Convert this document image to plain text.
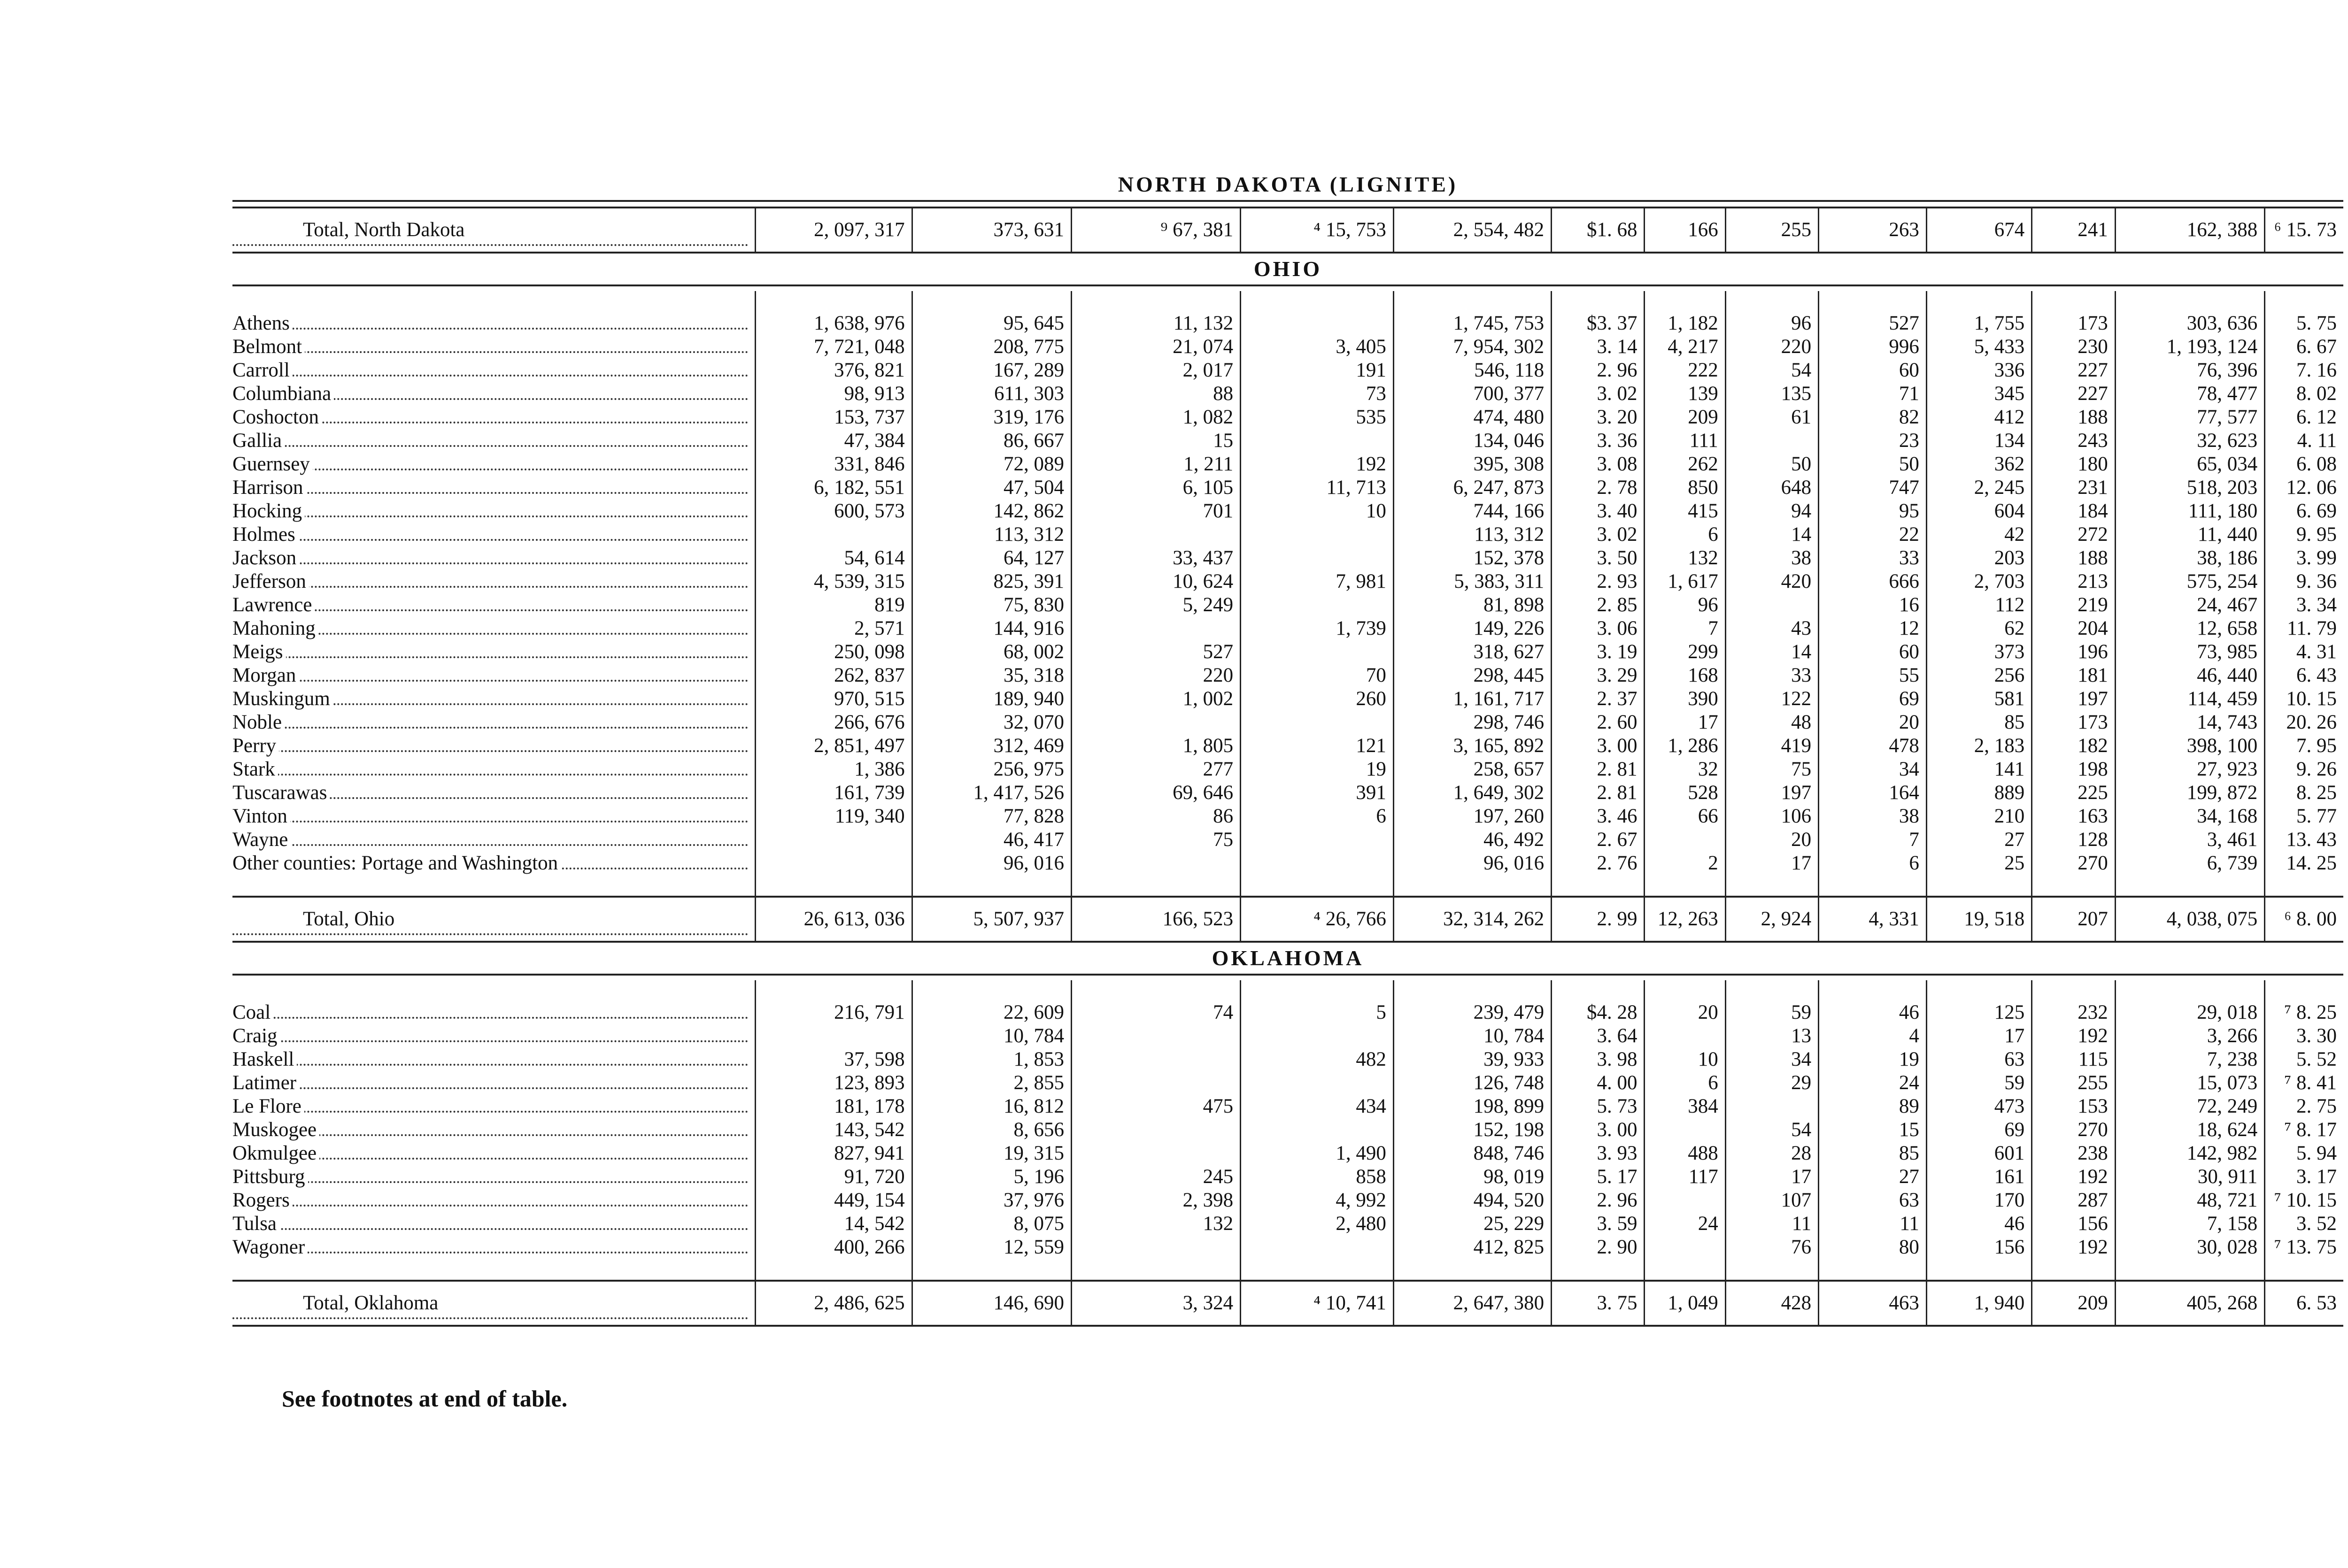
NORTH DAKOTA (LIGNITE)													

Total, North Dakota	2, 097, 317	373, 631	⁹ 67, 381	⁴ 15, 753	2, 554, 482	$1. 68	166	255	263	674	241	162, 388	⁶ 15. 73
OHIO													

Athens	1, 638, 976	95, 645	11, 132		1, 745, 753	$3. 37	1, 182	96	527	1, 755	173	303, 636	5. 75
Belmont	7, 721, 048	208, 775	21, 074	3, 405	7, 954, 302	3. 14	4, 217	220	996	5, 433	230	1, 193, 124	6. 67
Carroll	376, 821	167, 289	2, 017	191	546, 118	2. 96	222	54	60	336	227	76, 396	7. 16
Columbiana	98, 913	611, 303	88	73	700, 377	3. 02	139	135	71	345	227	78, 477	8. 02
Coshocton	153, 737	319, 176	1, 082	535	474, 480	3. 20	209	61	82	412	188	77, 577	6. 12
Gallia	47, 384	86, 667	15		134, 046	3. 36	111		23	134	243	32, 623	4. 11
Guernsey	331, 846	72, 089	1, 211	192	395, 308	3. 08	262	50	50	362	180	65, 034	6. 08
Harrison	6, 182, 551	47, 504	6, 105	11, 713	6, 247, 873	2. 78	850	648	747	2, 245	231	518, 203	12. 06
Hocking	600, 573	142, 862	701	10	744, 166	3. 40	415	94	95	604	184	111, 180	6. 69
Holmes		113, 312			113, 312	3. 02	6	14	22	42	272	11, 440	9. 95
Jackson	54, 614	64, 127	33, 437		152, 378	3. 50	132	38	33	203	188	38, 186	3. 99
Jefferson	4, 539, 315	825, 391	10, 624	7, 981	5, 383, 311	2. 93	1, 617	420	666	2, 703	213	575, 254	9. 36
Lawrence	819	75, 830	5, 249		81, 898	2. 85	96		16	112	219	24, 467	3. 34
Mahoning	2, 571	144, 916		1, 739	149, 226	3. 06	7	43	12	62	204	12, 658	11. 79
Meigs	250, 098	68, 002	527		318, 627	3. 19	299	14	60	373	196	73, 985	4. 31
Morgan	262, 837	35, 318	220	70	298, 445	3. 29	168	33	55	256	181	46, 440	6. 43
Muskingum	970, 515	189, 940	1, 002	260	1, 161, 717	2. 37	390	122	69	581	197	114, 459	10. 15
Noble	266, 676	32, 070			298, 746	2. 60	17	48	20	85	173	14, 743	20. 26
Perry	2, 851, 497	312, 469	1, 805	121	3, 165, 892	3. 00	1, 286	419	478	2, 183	182	398, 100	7. 95
Stark	1, 386	256, 975	277	19	258, 657	2. 81	32	75	34	141	198	27, 923	9. 26
Tuscarawas	161, 739	1, 417, 526	69, 646	391	1, 649, 302	2. 81	528	197	164	889	225	199, 872	8. 25
Vinton	119, 340	77, 828	86	6	197, 260	3. 46	66	106	38	210	163	34, 168	5. 77
Wayne		46, 417	75		46, 492	2. 67		20	7	27	128	3, 461	13. 43
Other counties: Portage and Washington		96, 016			96, 016	2. 76	2	17	6	25	270	6, 739	14. 25

Total, Ohio	26, 613, 036	5, 507, 937	166, 523	⁴ 26, 766	32, 314, 262	2. 99	12, 263	2, 924	4, 331	19, 518	207	4, 038, 075	⁶ 8. 00
OKLAHOMA													

Coal	216, 791	22, 609	74	5	239, 479	$4. 28	20	59	46	125	232	29, 018	⁷ 8. 25
Craig		10, 784			10, 784	3. 64		13	4	17	192	3, 266	3. 30
Haskell	37, 598	1, 853		482	39, 933	3. 98	10	34	19	63	115	7, 238	5. 52
Latimer	123, 893	2, 855			126, 748	4. 00	6	29	24	59	255	15, 073	⁷ 8. 41
Le Flore	181, 178	16, 812	475	434	198, 899	5. 73	384		89	473	153	72, 249	2. 75
Muskogee	143, 542	8, 656			152, 198	3. 00		54	15	69	270	18, 624	⁷ 8. 17
Okmulgee	827, 941	19, 315		1, 490	848, 746	3. 93	488	28	85	601	238	142, 982	5. 94
Pittsburg	91, 720	5, 196	245	858	98, 019	5. 17	117	17	27	161	192	30, 911	3. 17
Rogers	449, 154	37, 976	2, 398	4, 992	494, 520	2. 96		107	63	170	287	48, 721	⁷ 10. 15
Tulsa	14, 542	8, 075	132	2, 480	25, 229	3. 59	24	11	11	46	156	7, 158	3. 52
Wagoner	400, 266	12, 559			412, 825	2. 90		76	80	156	192	30, 028	⁷ 13. 75

Total, Oklahoma	2, 486, 625	146, 690	3, 324	⁴ 10, 741	2, 647, 380	3. 75	1, 049	428	463	1, 940	209	405, 268	6. 53
See footnotes at end of table.
